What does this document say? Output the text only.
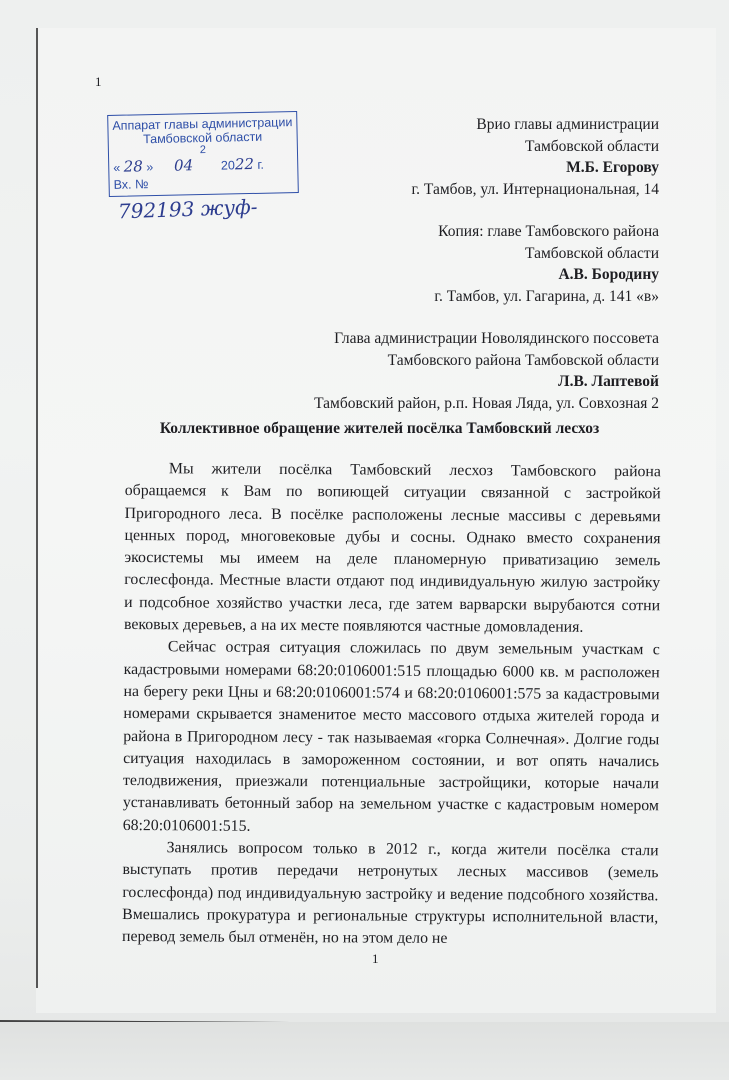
1
Аппарат главы администрации
Тамбовской области
2
« 28 » 04 2022 г.
Вх. №
792193 жуф-
Врио главы администрации
Тамбовской области
М.Б. Егорову
г. Тамбов, ул. Интернациональная, 14
Копия: главе Тамбовского района
Тамбовской области
А.В. Бородину
г. Тамбов, ул. Гагарина, д. 141 «в»
Глава администрации Новолядинского поссовета
Тамбовского района Тамбовской области
Л.В. Лаптевой
Тамбовский район, р.п. Новая Ляда, ул. Совхозная 2
Коллективное обращение жителей посёлка Тамбовский лесхоз

Мы жители посёлка Тамбовский лесхоз Тамбовского района обращаемся к Вам по вопиющей ситуации связанной с застройкой Пригородного леса. В посёлке расположены лесные массивы с деревьями ценных пород, многовековые дубы и сосны. Однако вместо сохранения экосистемы мы имеем на деле планомерную приватизацию земель гослесфонда. Местные власти отдают под индивидуальную жилую застройку и подсобное хозяйство участки леса, где затем варварски вырубаются сотни вековых деревьев, а на их месте появляются частные домовладения.

Сейчас острая ситуация сложилась по двум земельным участкам с кадастровыми номерами 68:20:0106001:515 площадью 6000 кв. м расположен на берегу реки Цны и 68:20:0106001:574 и 68:20:0106001:575 за кадастровыми номерами скрывается знаменитое место массового отдыха жителей города и района в Пригородном лесу - так называемая «горка Солнечная». Долгие годы ситуация находилась в замороженном состоянии, и вот опять начались телодвижения, приезжали потенциальные застройщики, которые начали устанавливать бетонный забор на земельном участке с кадастровым номером 68:20:0106001:515.

Занялись вопросом только в 2012 г., когда жители посёлка стали выступать против передачи нетронутых лесных массивов (земель гослесфонда) под индивидуальную застройку и ведение подсобного хозяйства. Вмешались прокуратура и региональные структуры исполнительной власти, перевод земель был отменён, но на этом дело не

1
